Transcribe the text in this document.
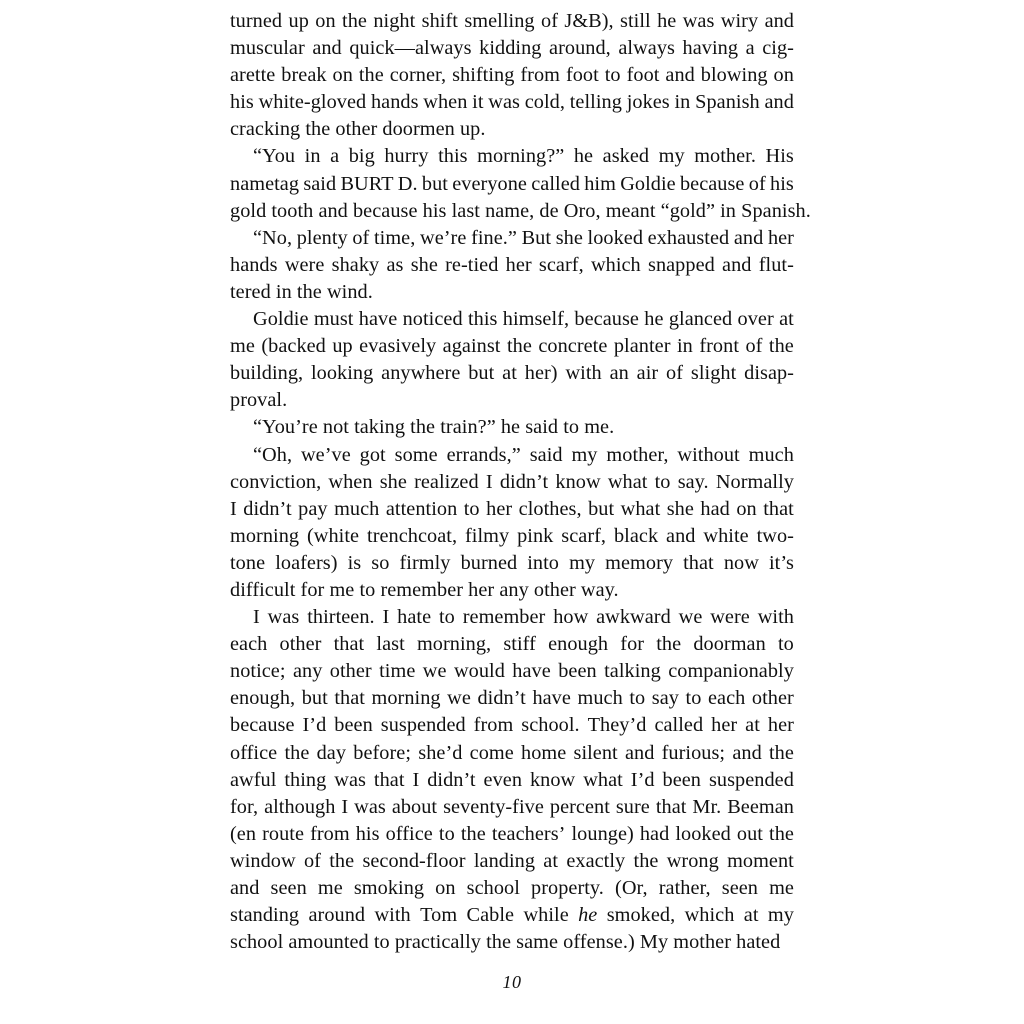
turned up on the night shift smelling of J&B), still he was wiry and
muscular and quick—always kidding around, always having a cig-
arette break on the corner, shifting from foot to foot and blowing on
his white-gloved hands when it was cold, telling jokes in Spanish and
cracking the other doormen up.
“You in a big hurry this morning?” he asked my mother. His
nametag said BURT D. but everyone called him Goldie because of his
gold tooth and because his last name, de Oro, meant “gold” in Spanish.
“No, plenty of time, we’re fine.” But she looked exhausted and her
hands were shaky as she re-tied her scarf, which snapped and flut-
tered in the wind.
Goldie must have noticed this himself, because he glanced over at
me (backed up evasively against the concrete planter in front of the
building, looking anywhere but at her) with an air of slight disap-
proval.
“You’re not taking the train?” he said to me.
“Oh, we’ve got some errands,” said my mother, without much
conviction, when she realized I didn’t know what to say. Normally
I didn’t pay much attention to her clothes, but what she had on that
morning (white trenchcoat, filmy pink scarf, black and white two-
tone loafers) is so firmly burned into my memory that now it’s
difficult for me to remember her any other way.
I was thirteen. I hate to remember how awkward we were with
each other that last morning, stiff enough for the doorman to
notice; any other time we would have been talking companionably
enough, but that morning we didn’t have much to say to each other
because I’d been suspended from school. They’d called her at her
office the day before; she’d come home silent and furious; and the
awful thing was that I didn’t even know what I’d been suspended
for, although I was about seventy-five percent sure that Mr. Beeman
(en route from his office to the teachers’ lounge) had looked out the
window of the second-floor landing at exactly the wrong moment
and seen me smoking on school property. (Or, rather, seen me
standing around with Tom Cable while he smoked, which at my
school amounted to practically the same offense.) My mother hated
10
